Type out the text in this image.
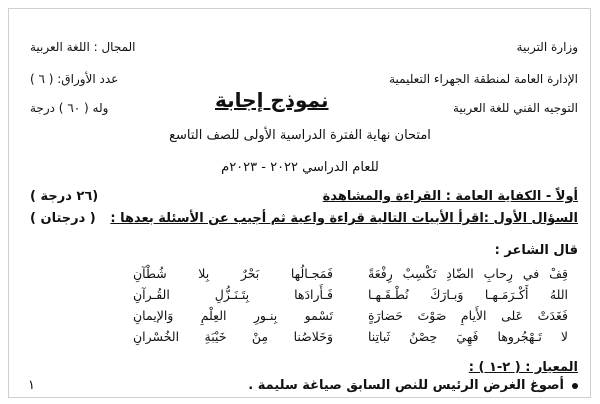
وزارة التربية
الإدارة العامة لمنطقة الجهراء التعليمية
التوجيه الفني للغة العربية
المجال : اللغة العربية
عدد الأوراق: ( ٦ )
وله ( ٦٠ ) درجة	نموذج إجابة
امتحان نهاية الفترة الدراسية الأولى للصف التاسع
للعام الدراسي ٢٠٢٢ - ٢٠٢٣م
أولاً - الكفاية العامة : القراءة والمشاهدة
(٢٦ درجة )
السؤال الأول :اقرأ الأبيات التالية قراءة واعية ثم أجيب عن الأسئلة بعدها :
( درجتان )
قال الشاعر :
قِفْ في رِحابِ الضّادِ تَكْسِبْ رِفْعَةً
فَمَجـالُها بَحْرٌ بِلا شُطْآنِ
اللهُ أَكْـرَمَـهـا وَبـارَكَ نُطْـقَـهـا
فَـأَرادَها بِتَـنَـزُّلِ القُـرآنِ
فَغَدَتْ عَلى الأَيامِ صَوْتَ حَضارَةٍ
تَسْمو بِنـورِ العِلْمِ وَالإيمانِ
لا تَـهْجُروها فَهِيَ حِصْنُ ثَباتِنا
وَخَلاصُنا مِنْ خَيْبَةِ الخُسْرانِ
المعيار : ( ٢-١ ) :
أصوغ الغرض الرئيس للنص السابق صياغة سليمة .
١
